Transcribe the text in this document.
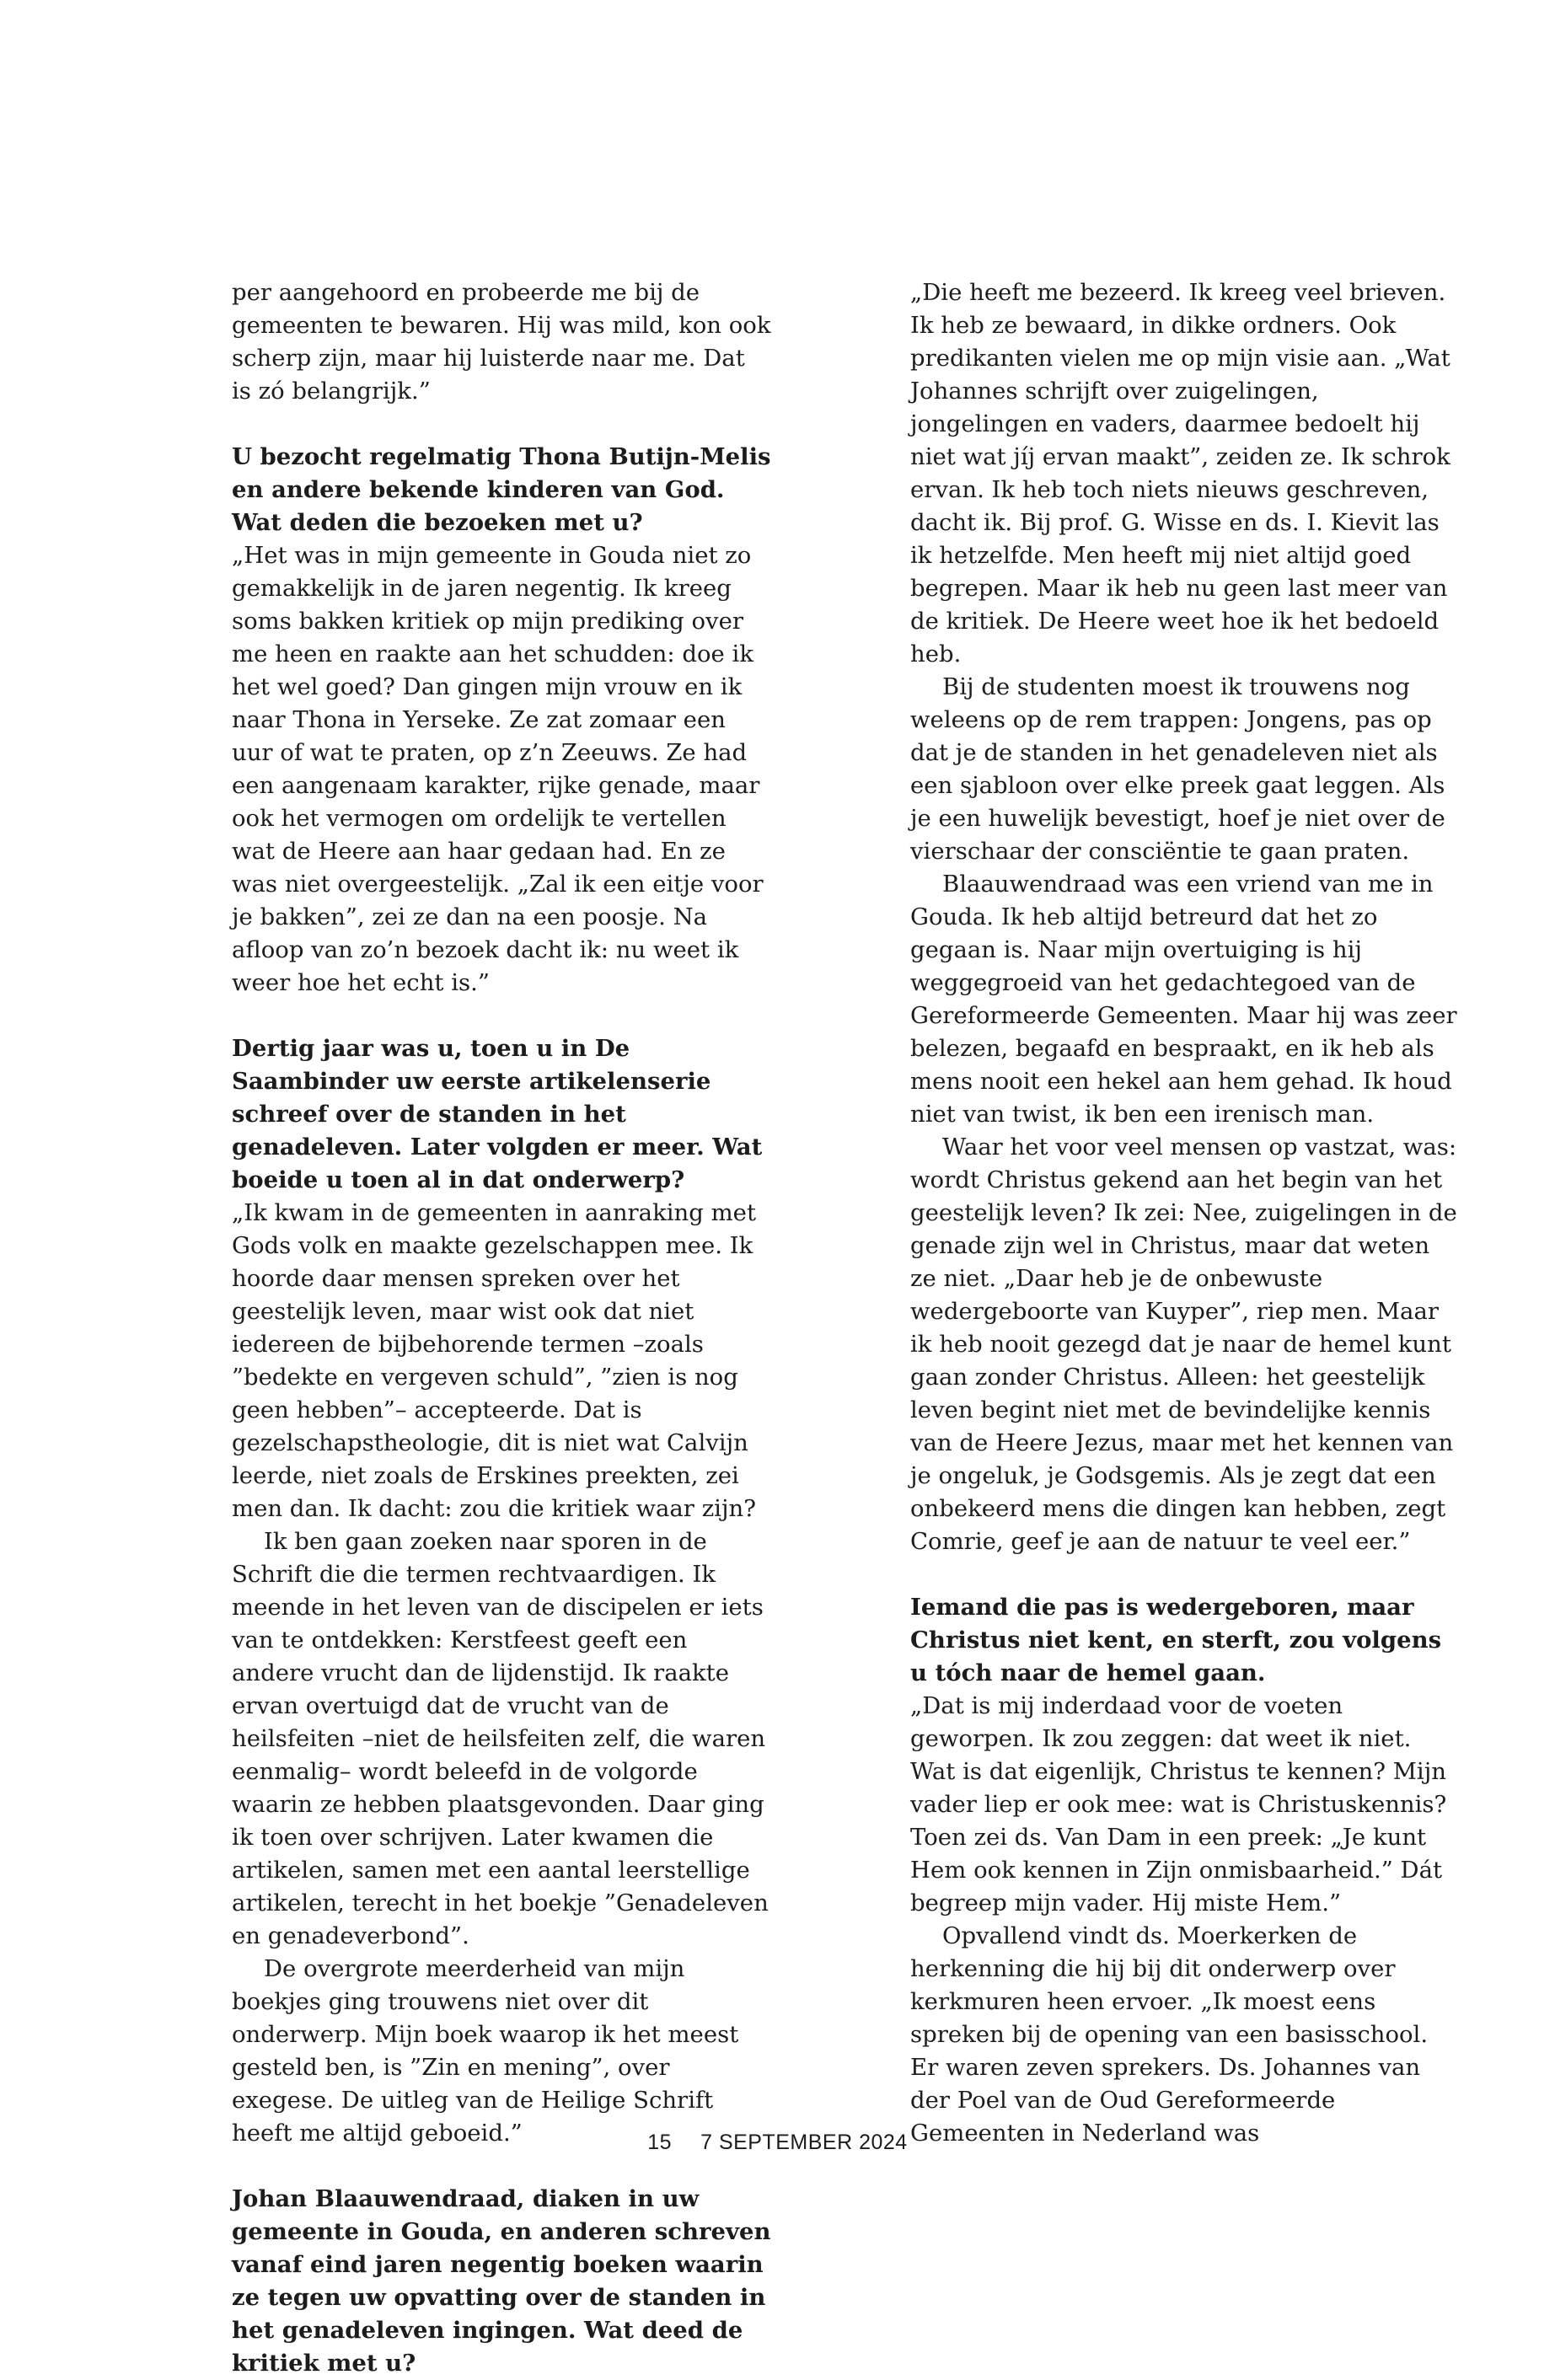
per aangehoord en probeerde me bij de gemeenten te bewaren. Hij was mild, kon ook scherp zijn, maar hij luisterde naar me. Dat is zó belangrijk.”

U bezocht regelmatig Thona Butijn-Melis en andere bekende kinderen van God. Wat deden die bezoeken met u?

„Het was in mijn gemeente in Gouda niet zo gemakkelijk in de jaren negentig. Ik kreeg soms bakken kritiek op mijn prediking over me heen en raakte aan het schudden: doe ik het wel goed? Dan gingen mijn vrouw en ik naar Thona in Yerseke. Ze zat zomaar een uur of wat te praten, op z’n Zeeuws. Ze had een aangenaam karakter, rijke genade, maar ook het vermogen om ordelijk te vertellen wat de Heere aan haar gedaan had. En ze was niet overgeestelijk. „Zal ik een eitje voor je bakken”, zei ze dan na een poosje. Na afloop van zo’n bezoek dacht ik: nu weet ik weer hoe het echt is.”

Dertig jaar was u, toen u in De Saambinder uw eerste artikelenserie schreef over de standen in het genadeleven. Later volgden er meer. Wat boeide u toen al in dat onderwerp?

„Ik kwam in de gemeenten in aanraking met Gods volk en maakte gezelschappen mee. Ik hoorde daar mensen spreken over het geestelijk leven, maar wist ook dat niet iedereen de bijbehorende termen –zoals ”bedekte en vergeven schuld”, ”zien is nog geen hebben”– accepteerde. Dat is gezelschapstheologie, dit is niet wat Calvijn leerde, niet zoals de Erskines preekten, zei men dan. Ik dacht: zou die kritiek waar zijn?

Ik ben gaan zoeken naar sporen in de Schrift die die termen rechtvaardigen. Ik meende in het leven van de discipelen er iets van te ontdekken: Kerstfeest geeft een andere vrucht dan de lijdenstijd. Ik raakte ervan overtuigd dat de vrucht van de heilsfeiten –niet de heilsfeiten zelf, die waren eenmalig– wordt beleefd in de volgorde waarin ze hebben plaatsgevonden. Daar ging ik toen over schrijven. Later kwamen die artikelen, samen met een aantal leerstellige artikelen, terecht in het boekje ”Genadeleven en genadeverbond”.

De overgrote meerderheid van mijn boekjes ging trouwens niet over dit onderwerp. Mijn boek waarop ik het meest gesteld ben, is ”Zin en mening”, over exegese. De uitleg van de Heilige Schrift heeft me altijd geboeid.”

Johan Blaauwendraad, diaken in uw gemeente in Gouda, en anderen schreven vanaf eind jaren negentig boeken waarin ze tegen uw opvatting over de standen in het genadeleven ingingen. Wat deed de kritiek met u?

„Die heeft me bezeerd. Ik kreeg veel brieven. Ik heb ze bewaard, in dikke ordners. Ook predikanten vielen me op mijn visie aan. „Wat Johannes schrijft over zuigelingen, jongelingen en vaders, daarmee bedoelt hij niet wat jíj ervan maakt”, zeiden ze. Ik schrok ervan. Ik heb toch niets nieuws geschreven, dacht ik. Bij prof. G. Wisse en ds. I. Kievit las ik hetzelfde. Men heeft mij niet altijd goed begrepen. Maar ik heb nu geen last meer van de kritiek. De Heere weet hoe ik het bedoeld heb.

Bij de studenten moest ik trouwens nog weleens op de rem trappen: Jongens, pas op dat je de standen in het genadeleven niet als een sjabloon over elke preek gaat leggen. Als je een huwelijk bevestigt, hoef je niet over de vierschaar der consciëntie te gaan praten.

Blaauwendraad was een vriend van me in Gouda. Ik heb altijd betreurd dat het zo gegaan is. Naar mijn overtuiging is hij weggegroeid van het gedachtegoed van de Gereformeerde Gemeenten. Maar hij was zeer belezen, begaafd en bespraakt, en ik heb als mens nooit een hekel aan hem gehad. Ik houd niet van twist, ik ben een irenisch man.

Waar het voor veel mensen op vastzat, was: wordt Christus gekend aan het begin van het geestelijk leven? Ik zei: Nee, zuigelingen in de genade zijn wel in Christus, maar dat weten ze niet. „Daar heb je de onbewuste wedergeboorte van Kuyper”, riep men. Maar ik heb nooit gezegd dat je naar de hemel kunt gaan zonder Christus. Alleen: het geestelijk leven begint niet met de bevindelijke kennis van de Heere Jezus, maar met het kennen van je ongeluk, je Godsgemis. Als je zegt dat een onbekeerd mens die dingen kan hebben, zegt Comrie, geef je aan de natuur te veel eer.”

Iemand die pas is wedergeboren, maar Christus niet kent, en sterft, zou volgens u tóch naar de hemel gaan.

„Dat is mij inderdaad voor de voeten geworpen. Ik zou zeggen: dat weet ik niet. Wat is dat eigenlijk, Christus te kennen? Mijn vader liep er ook mee: wat is Christuskennis? Toen zei ds. Van Dam in een preek: „Je kunt Hem ook kennen in Zijn onmisbaarheid.” Dát begreep mijn vader. Hij miste Hem.”

Opvallend vindt ds. Moerkerken de herkenning die hij bij dit onderwerp over kerkmuren heen ervoer. „Ik moest eens spreken bij de opening van een basisschool. Er waren zeven sprekers. Ds. Johannes van der Poel van de Oud Gereformeerde Gemeenten in Nederland was

15 7 SEPTEMBER 2024
